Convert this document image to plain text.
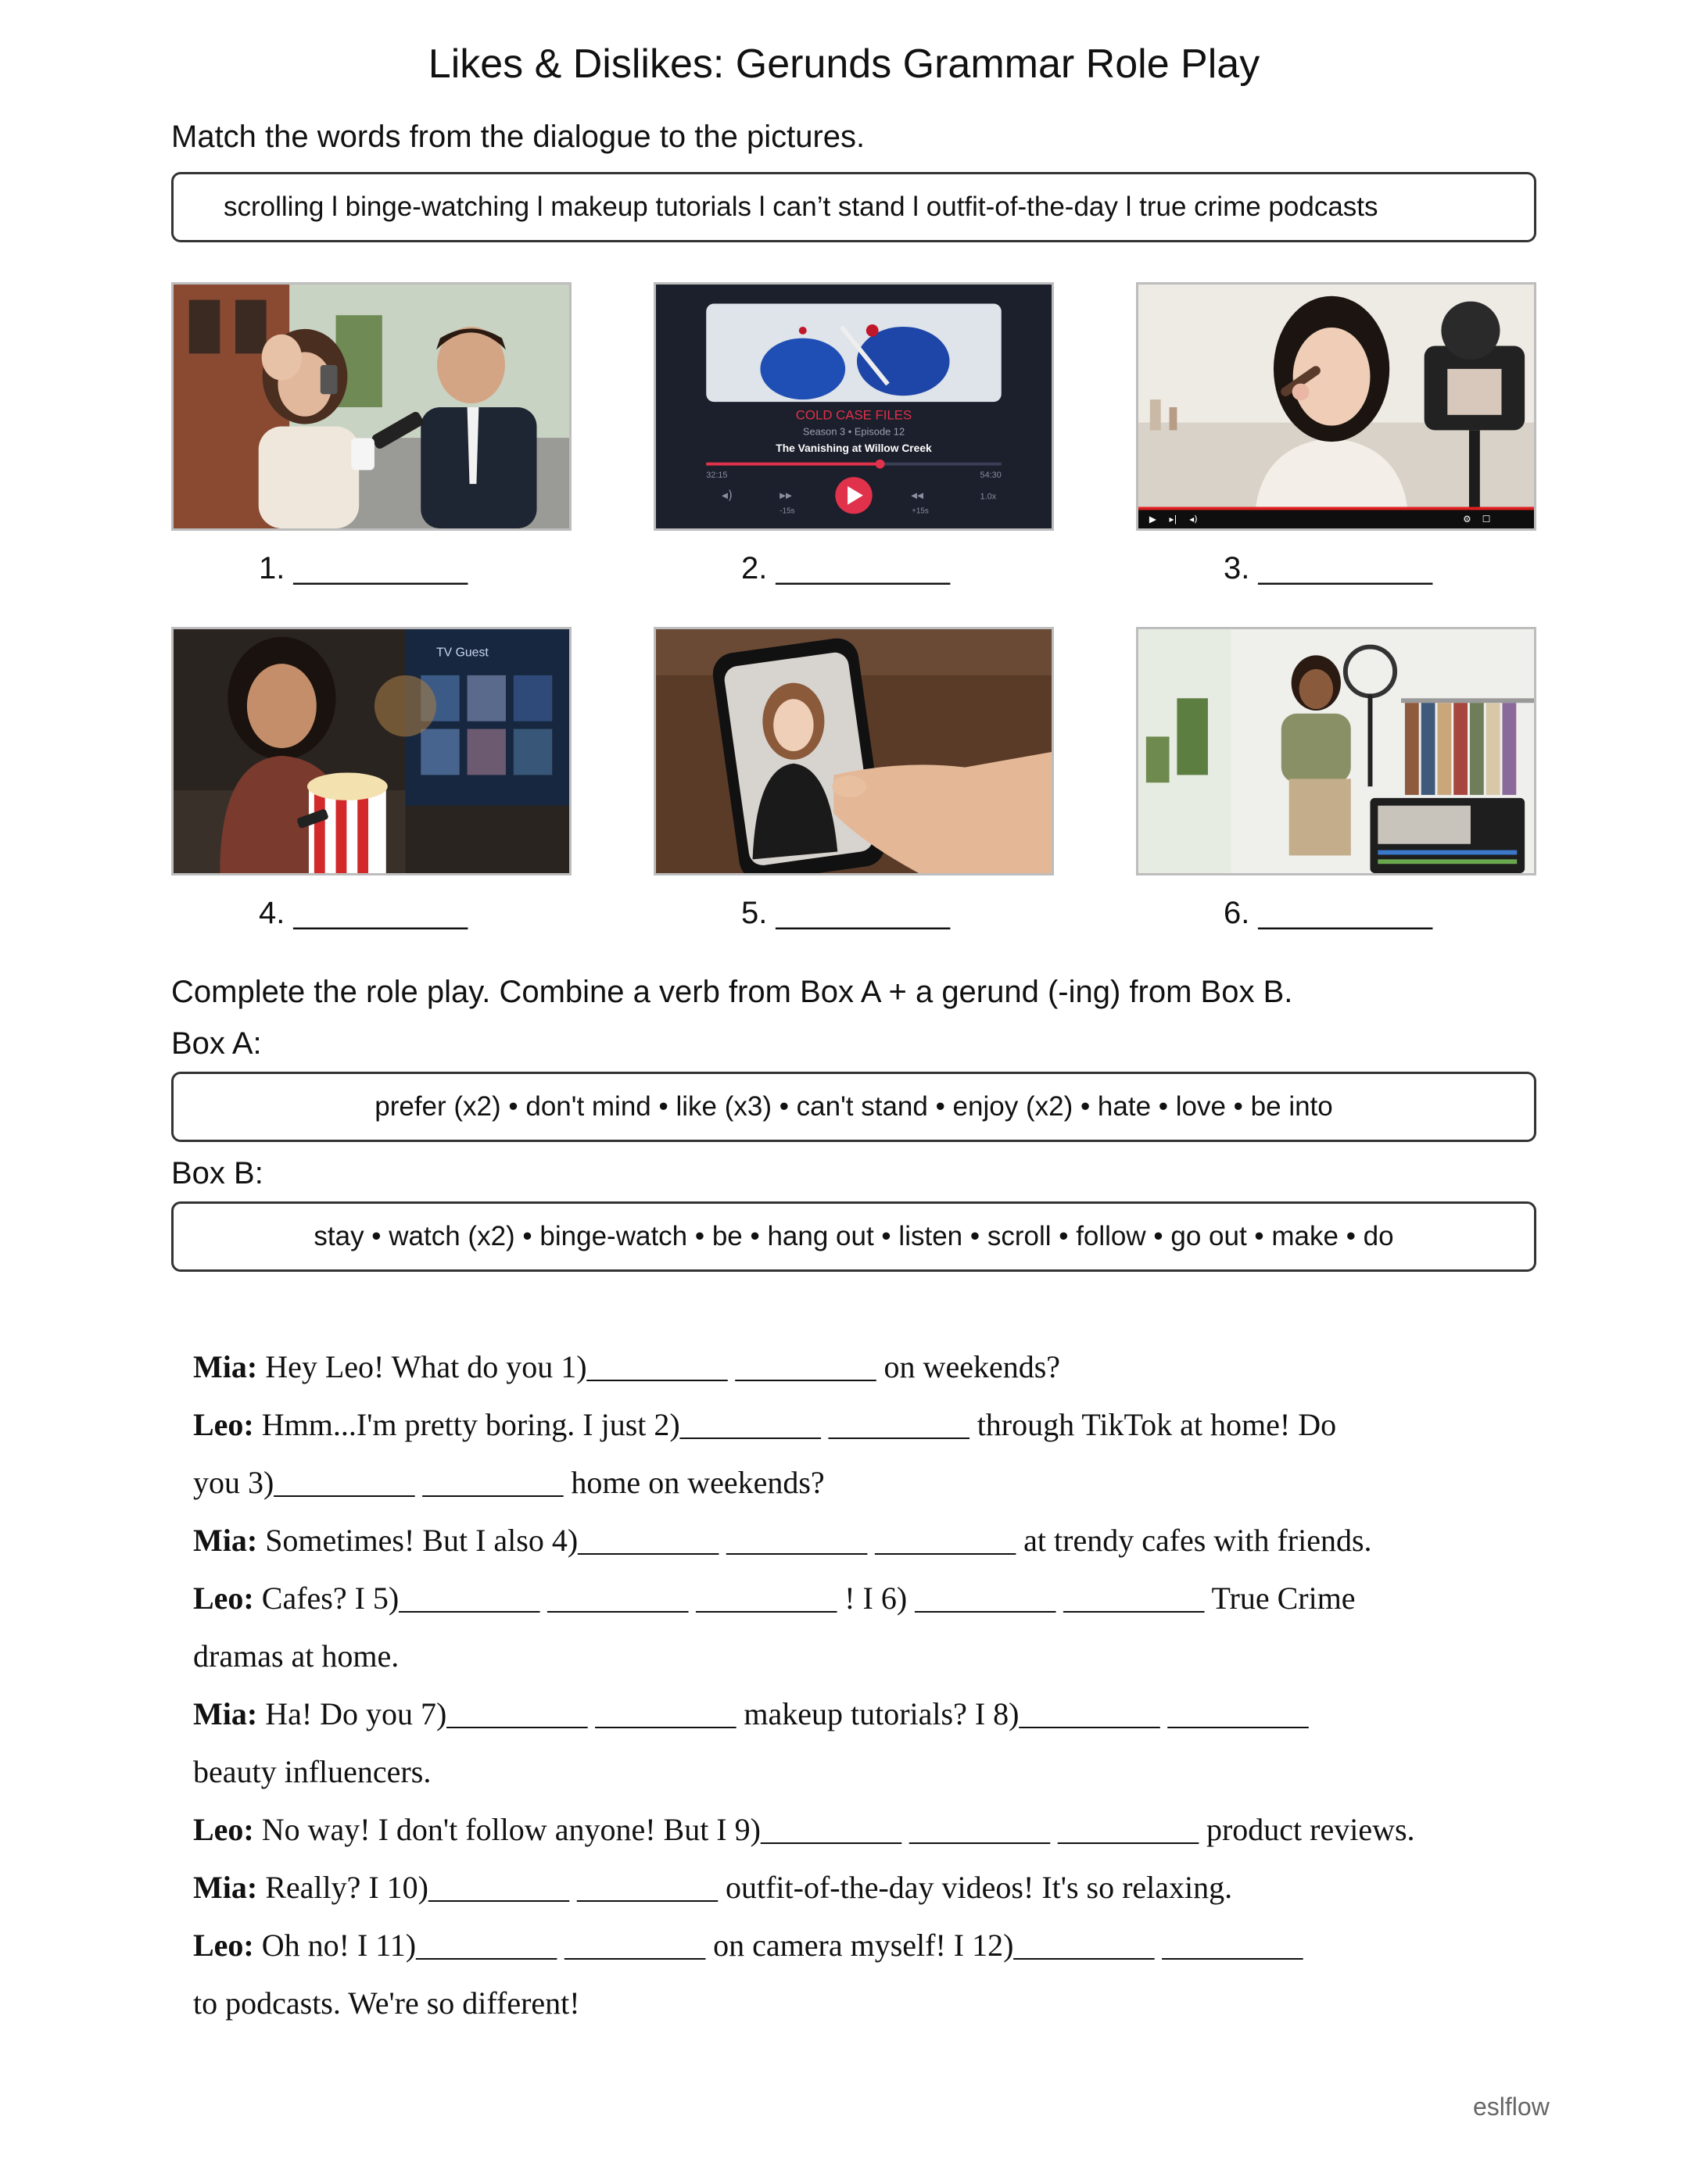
Likes & Dislikes: Gerunds Grammar Role Play
Match the words from the dialogue to the pictures.
scrolling l binge-watching l makeup tutorials l can’t stand l outfit-of-the-day l true crime podcasts
COLD CASE FILES
Season 3 • Episode 12
The Vanishing at Willow Creek
32:15	54:30
◂)	▸▸
-15s
◂◂
+15s
1.0x
▶ ▸| ◂)	⚙ ☐
TV Guest
1. __________	2. __________	3. __________
4. __________	5. __________	6. __________
Complete the role play. Combine a verb from Box A + a gerund (-ing) from Box B.
Box A:
prefer (x2) • don't mind • like (x3) • can't stand • enjoy (x2) • hate • love • be into
Box B:
stay • watch (x2) • binge-watch • be • hang out • listen • scroll • follow • go out • make • do
Mia: Hey Leo! What do you 1)_________ _________ on weekends?
Leo: Hmm...I'm pretty boring. I just 2)_________ _________ through TikTok at home! Do
you 3)_________ _________ home on weekends?
Mia: Sometimes! But I also 4)_________ _________ _________ at trendy cafes with friends.
Leo: Cafes? I 5)_________ _________ _________ ! I 6) _________ _________ True Crime
dramas at home.
Mia: Ha! Do you 7)_________ _________ makeup tutorials? I 8)_________ _________
beauty influencers.
Leo: No way! I don't follow anyone! But I 9)_________ _________ _________ product reviews.
Mia: Really? I 10)_________ _________ outfit-of-the-day videos! It's so relaxing.
Leo: Oh no! I 11)_________ _________ on camera myself! I 12)_________ _________
to podcasts. We're so different!
eslflow
